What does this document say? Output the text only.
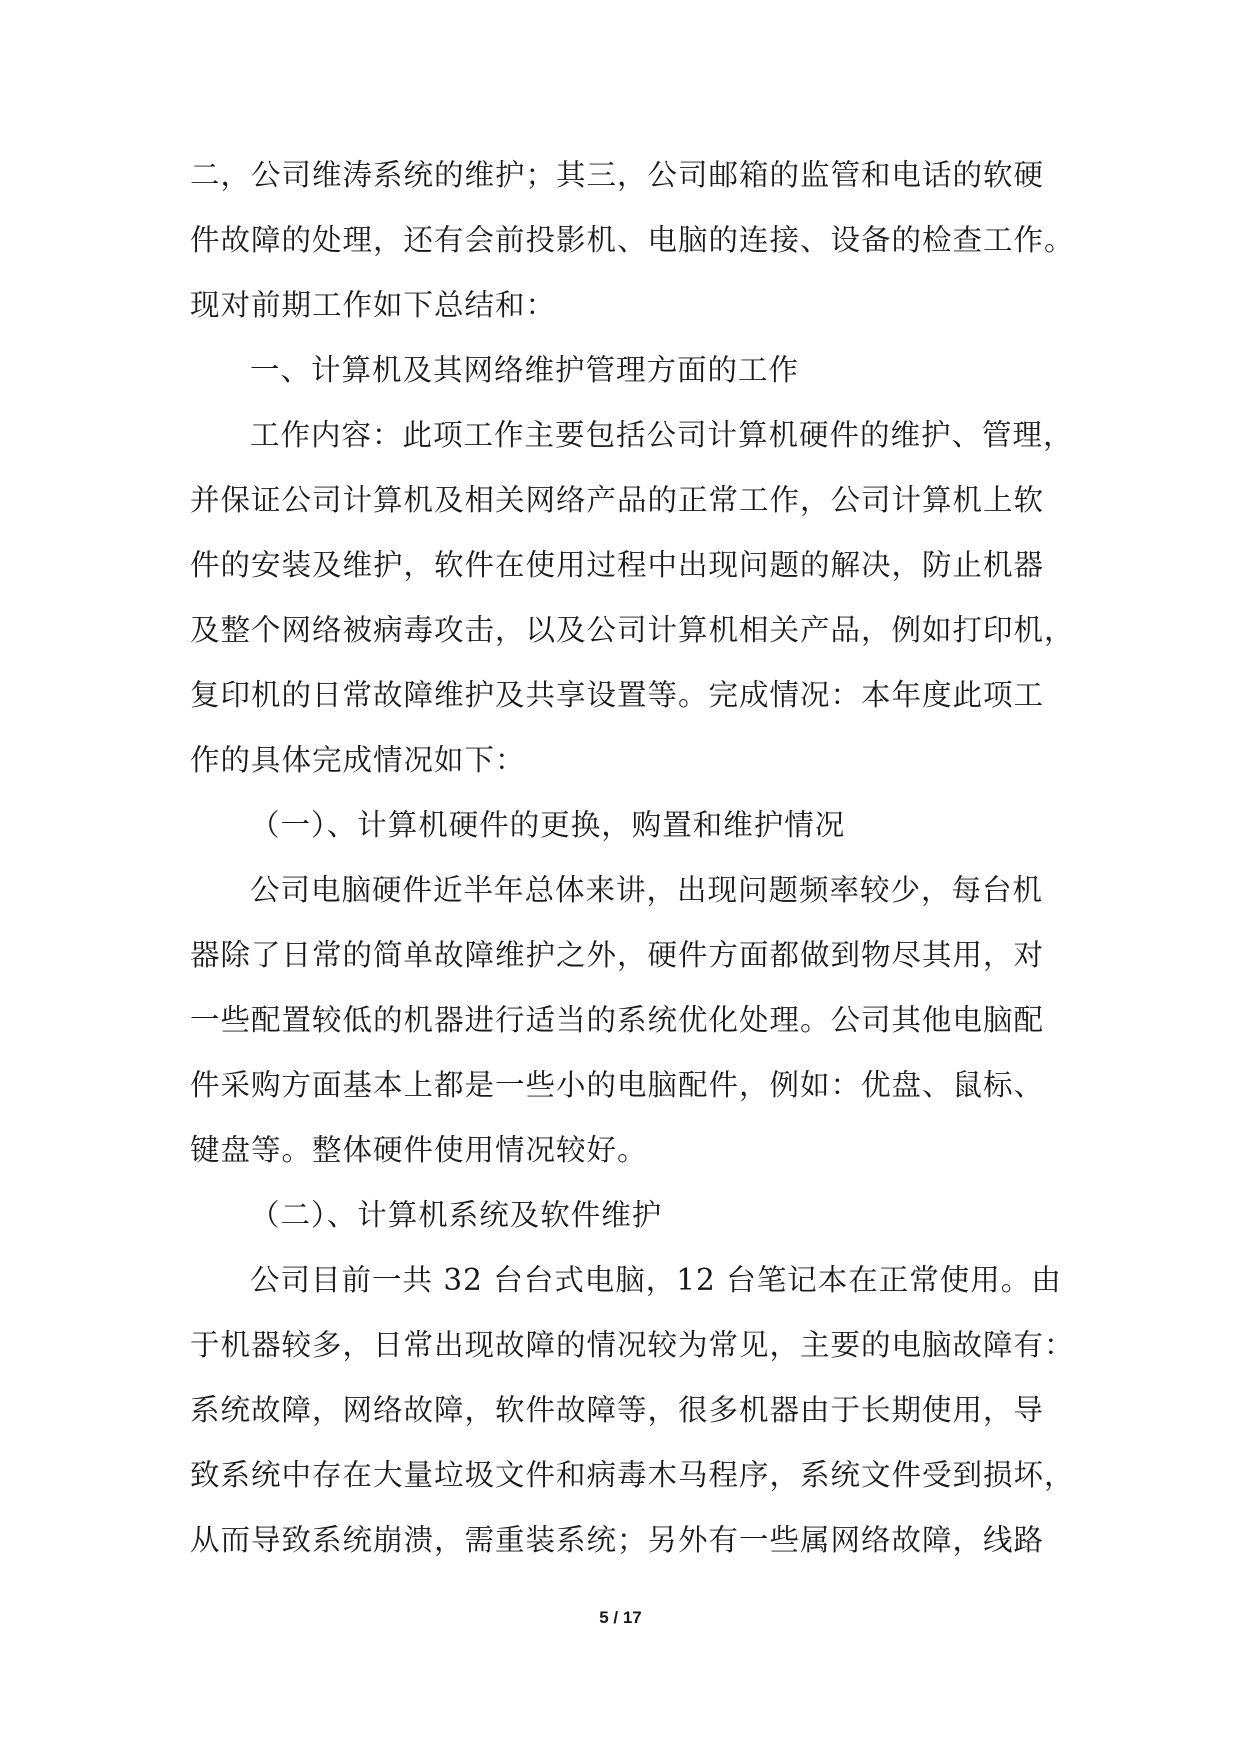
二，公司维涛系统的维护；其三，公司邮箱的监管和电话的软硬
件故障的处理，还有会前投影机、电脑的连接、设备的检查工作。
现对前期工作如下总结和：
一、计算机及其网络维护管理方面的工作
工作内容：此项工作主要包括公司计算机硬件的维护、管理，
并保证公司计算机及相关网络产品的正常工作，公司计算机上软
件的安装及维护，软件在使用过程中出现问题的解决，防止机器
及整个网络被病毒攻击，以及公司计算机相关产品，例如打印机，
复印机的日常故障维护及共享设置等。完成情况：本年度此项工
作的具体完成情况如下：
（一）、计算机硬件的更换，购置和维护情况
公司电脑硬件近半年总体来讲，出现问题频率较少，每台机
器除了日常的简单故障维护之外，硬件方面都做到物尽其用，对
一些配置较低的机器进行适当的系统优化处理。公司其他电脑配
件采购方面基本上都是一些小的电脑配件，例如：优盘、鼠标、
键盘等。整体硬件使用情况较好。
（二）、计算机系统及软件维护
公司目前一共 32 台台式电脑，12 台笔记本在正常使用。由
于机器较多，日常出现故障的情况较为常见，主要的电脑故障有：
系统故障，网络故障，软件故障等，很多机器由于长期使用，导
致系统中存在大量垃圾文件和病毒木马程序，系统文件受到损坏，
从而导致系统崩溃，需重装系统；另外有一些属网络故障，线路
5 / 17
